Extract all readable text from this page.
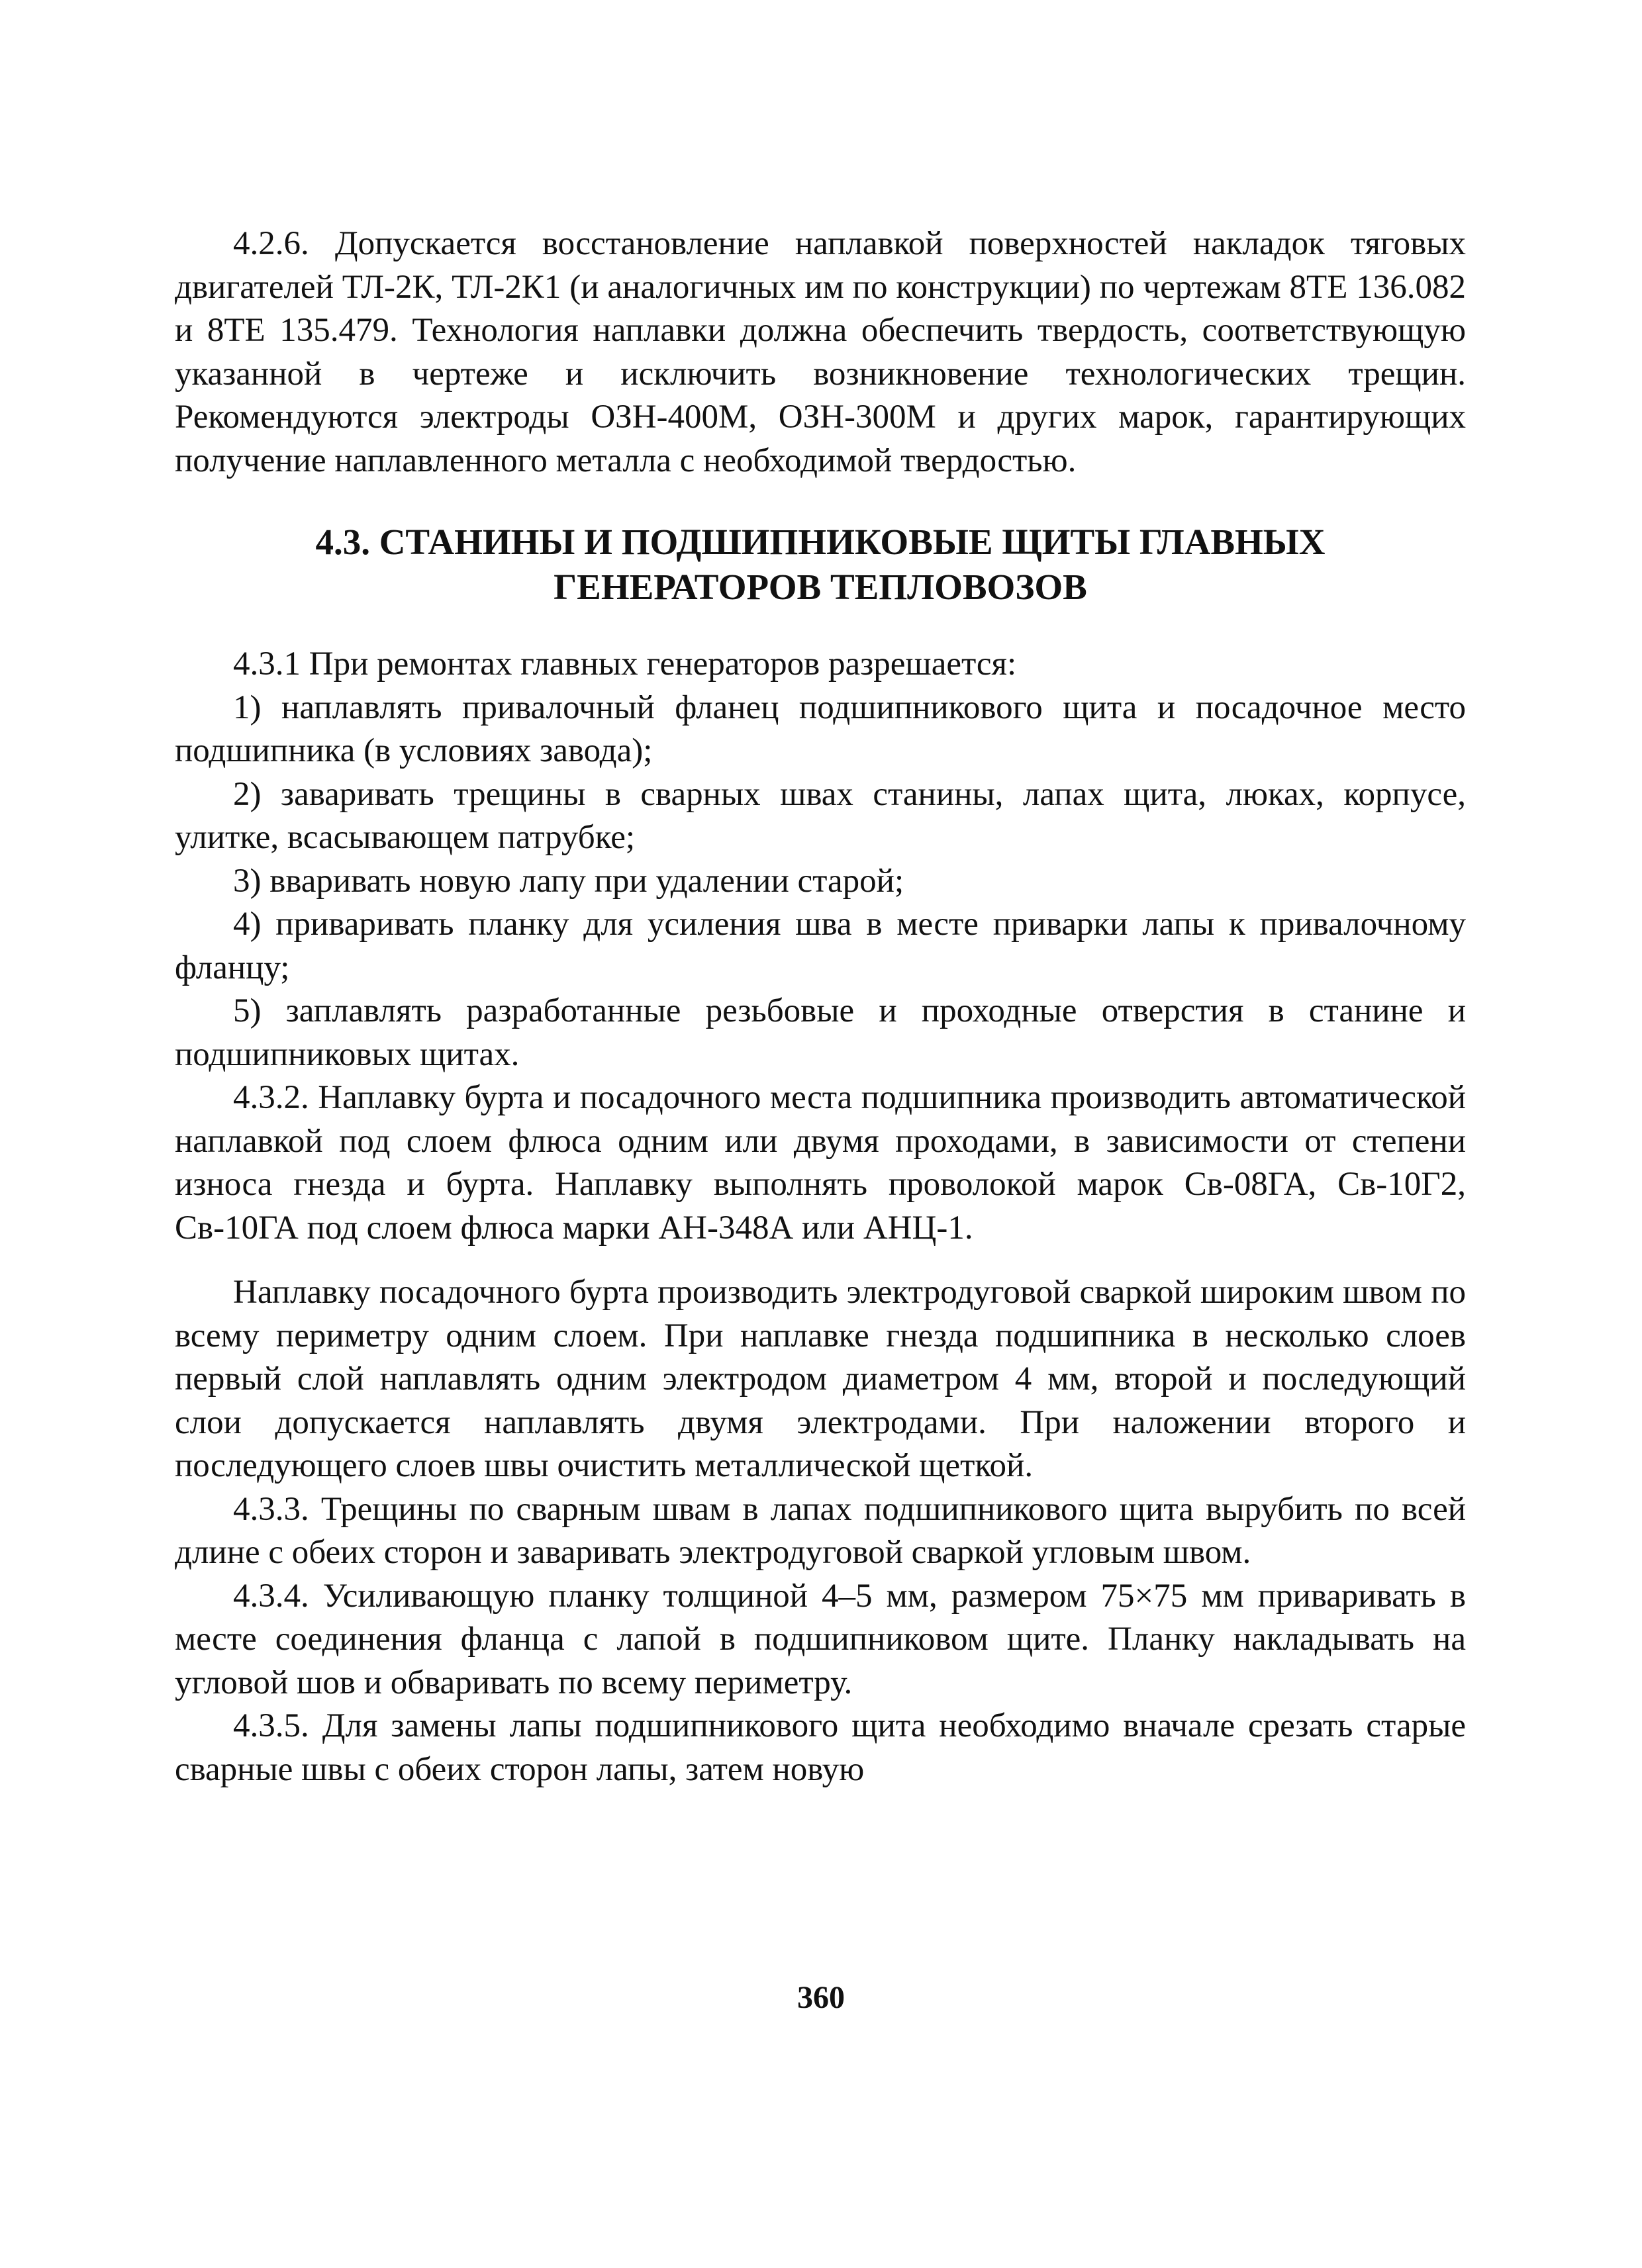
4.2.6. Допускается восстановление наплавкой поверхностей накладок тяговых двигателей ТЛ-2К, ТЛ-2К1 (и аналогичных им по конструкции) по чертежам 8ТЕ 136.082 и 8ТЕ 135.479. Технология наплавки должна обеспечить твердость, соответствующую указанной в чертеже и исключить возникновение технологических трещин. Рекомендуются электроды ОЗН-400М, ОЗН-300М и других марок, гарантирующих получение наплавленного металла с необходимой твердостью.

4.3. СТАНИНЫ И ПОДШИПНИКОВЫЕ ЩИТЫ ГЛАВНЫХ
ГЕНЕРАТОРОВ ТЕПЛОВОЗОВ

4.3.1 При ремонтах главных генераторов разрешается:

1) наплавлять привалочный фланец подшипникового щита и посадочное место подшипника (в условиях завода);

2) заваривать трещины в сварных швах станины, лапах щита, люках, корпусе, улитке, всасывающем патрубке;

3) вваривать новую лапу при удалении старой;

4) приваривать планку для усиления шва в месте приварки лапы к привалочному фланцу;

5) заплавлять разработанные резьбовые и проходные отверстия в станине и подшипниковых щитах.

4.3.2. Наплавку бурта и посадочного места подшипника производить автоматической наплавкой под слоем флюса одним или двумя проходами, в зависимости от степени износа гнезда и бурта. Наплавку выполнять проволокой марок Св-08ГА, Св-10Г2, Св-10ГА под слоем флюса марки АН-348А или АНЦ-1.

Наплавку посадочного бурта производить электродуговой сваркой широким швом по всему периметру одним слоем. При наплавке гнезда подшипника в несколько слоев первый слой наплавлять одним электродом диаметром 4 мм, второй и последующий слои допускается наплавлять двумя электродами. При наложении второго и последующего слоев швы очистить металлической щеткой.

4.3.3. Трещины по сварным швам в лапах подшипникового щита вырубить по всей длине с обеих сторон и заваривать электродуговой сваркой угловым швом.

4.3.4. Усиливающую планку толщиной 4–5 мм, размером 75×75 мм приваривать в месте соединения фланца с лапой в подшипниковом щите. Планку накладывать на угловой шов и обваривать по всему периметру.

4.3.5. Для замены лапы подшипникового щита необходимо вначале срезать старые сварные швы с обеих сторон лапы, затем новую

360
